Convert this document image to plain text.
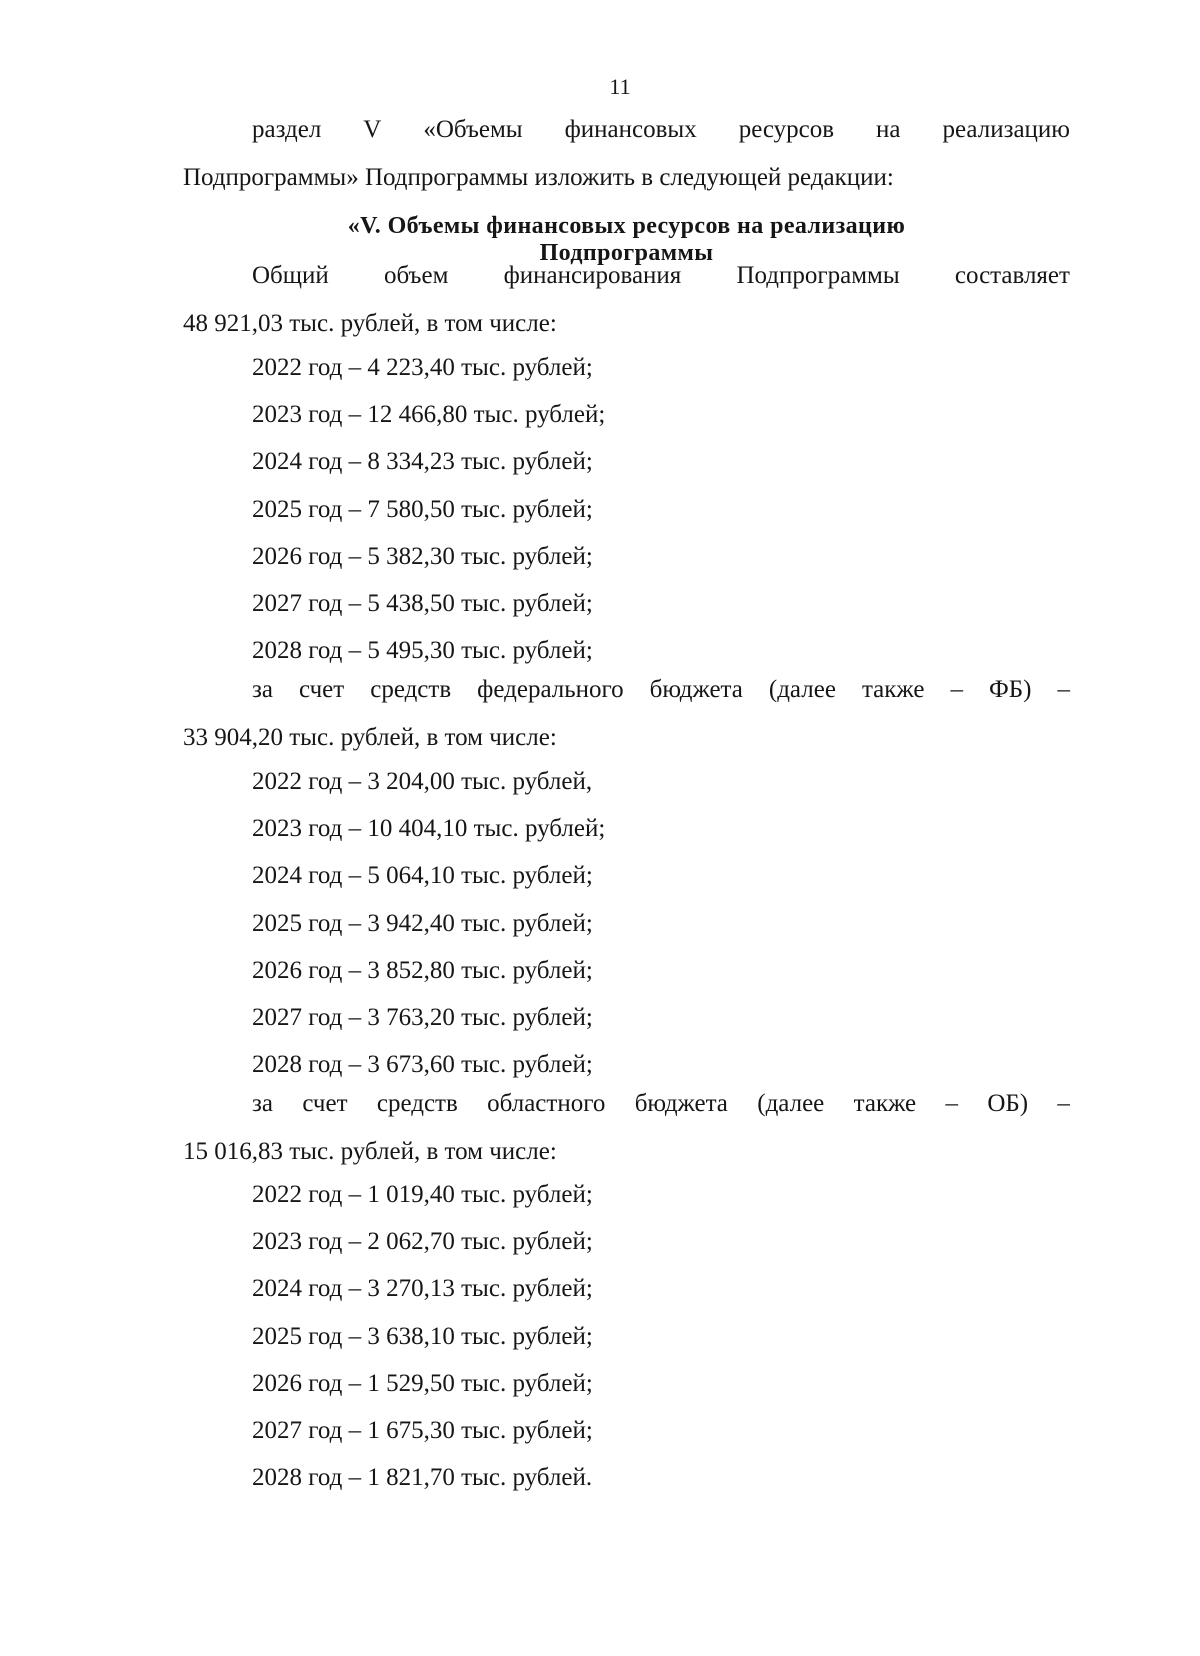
11
раздел V «Объемы финансовых ресурсов на реализацию
Подпрограммы» Подпрограммы изложить в следующей редакции:
«V. Объемы финансовых ресурсов на реализацию
Подпрограммы
Общий объем финансирования Подпрограммы составляет
48 921,03 тыс. рублей, в том числе:
2022 год – 4 223,40 тыс. рублей;
2023 год – 12 466,80 тыс. рублей;
2024 год – 8 334,23 тыс. рублей;
2025 год – 7 580,50 тыс. рублей;
2026 год – 5 382,30 тыс. рублей;
2027 год – 5 438,50 тыс. рублей;
2028 год – 5 495,30 тыс. рублей;
за счет средств федерального бюджета (далее также – ФБ) –
33 904,20 тыс. рублей, в том числе:
2022 год – 3 204,00 тыс. рублей,
2023 год – 10 404,10 тыс. рублей;
2024 год – 5 064,10 тыс. рублей;
2025 год – 3 942,40 тыс. рублей;
2026 год – 3 852,80 тыс. рублей;
2027 год – 3 763,20 тыс. рублей;
2028 год – 3 673,60 тыс. рублей;
за счет средств областного бюджета (далее также – ОБ) –
15 016,83 тыс. рублей, в том числе:
2022 год – 1 019,40 тыс. рублей;
2023 год – 2 062,70 тыс. рублей;
2024 год – 3 270,13 тыс. рублей;
2025 год – 3 638,10 тыс. рублей;
2026 год – 1 529,50 тыс. рублей;
2027 год – 1 675,30 тыс. рублей;
2028 год – 1 821,70 тыс. рублей.
